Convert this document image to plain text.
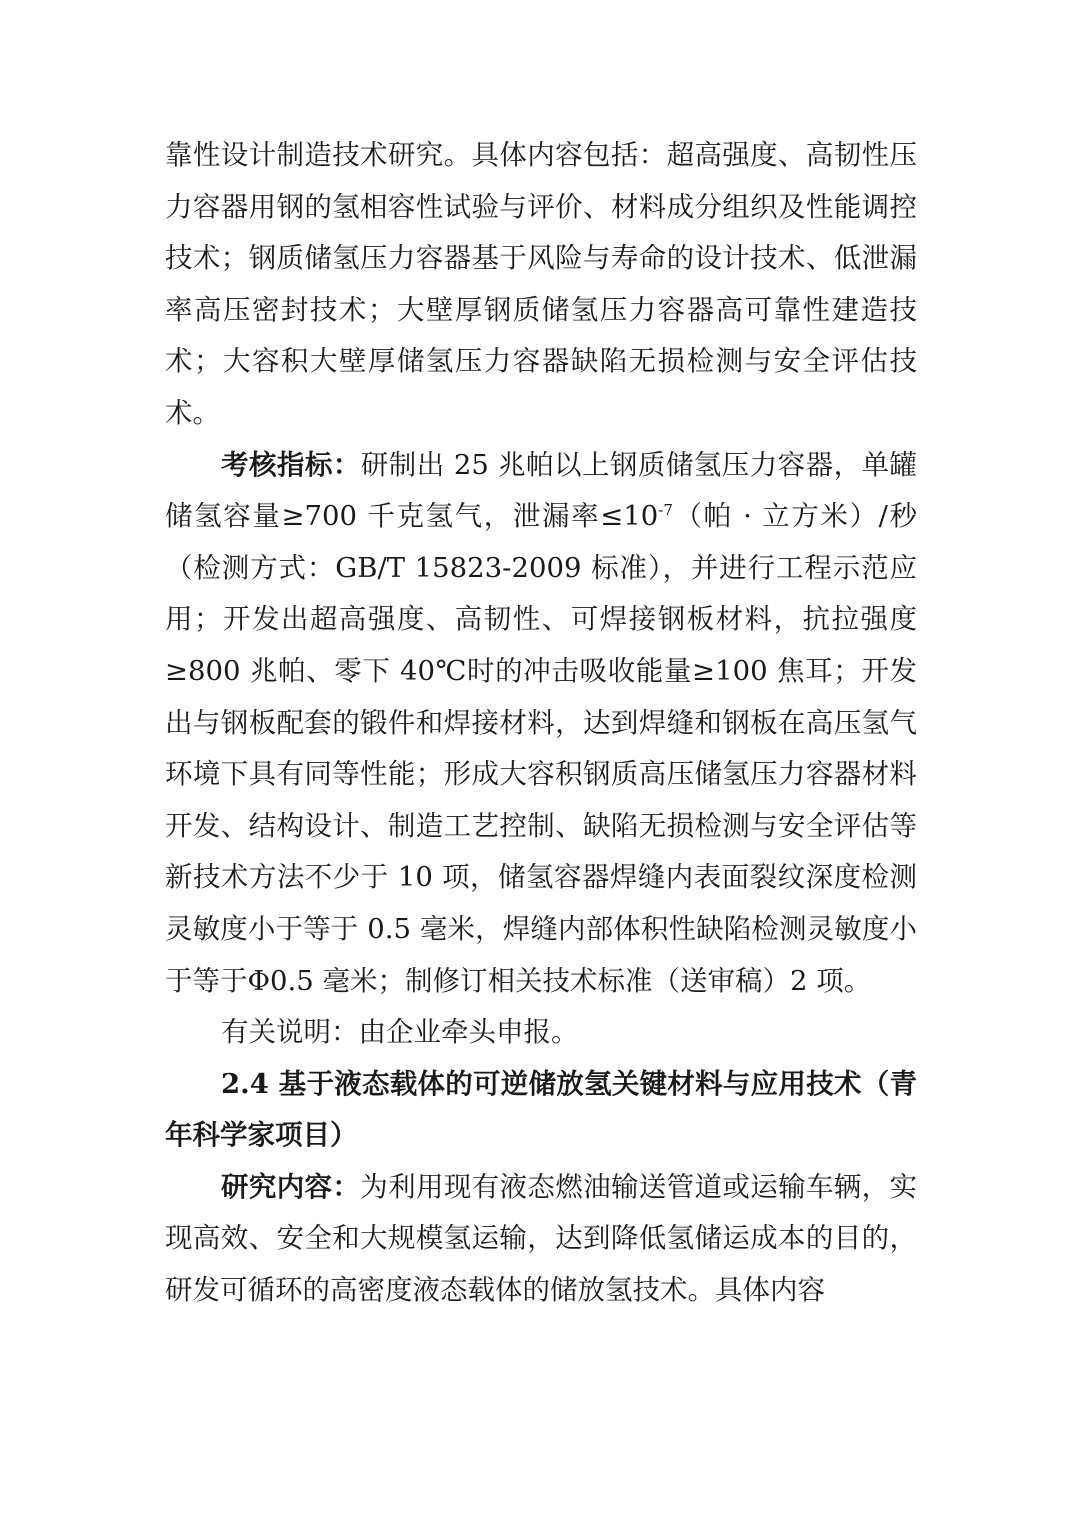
靠性设计制造技术研究。具体内容包括：超高强度、高韧性压力容器用钢的氢相容性试验与评价、材料成分组织及性能调控技术；钢质储氢压力容器基于风险与寿命的设计技术、低泄漏率高压密封技术；大壁厚钢质储氢压力容器高可靠性建造技术；大容积大壁厚储氢压力容器缺陷无损检测与安全评估技术。

考核指标：研制出 25 兆帕以上钢质储氢压力容器，单罐储氢容量≥700 千克氢气，泄漏率$\le 10^{-7}$（帕 · 立方米）/秒（检测方式：GB/T 15823-2009 标准），并进行工程示范应用；开发出超高强度、高韧性、可焊接钢板材料，抗拉强度≥800 兆帕、零下 40℃时的冲击吸收能量≥100 焦耳；开发出与钢板配套的锻件和焊接材料，达到焊缝和钢板在高压氢气环境下具有同等性能；形成大容积钢质高压储氢压力容器材料开发、结构设计、制造工艺控制、缺陷无损检测与安全评估等新技术方法不少于 10 项，储氢容器焊缝内表面裂纹深度检测灵敏度小于等于 0.5 毫米，焊缝内部体积性缺陷检测灵敏度小于等于Φ0.5 毫米；制修订相关技术标准（送审稿）2 项。

有关说明：由企业牵头申报。

2.4 基于液态载体的可逆储放氢关键材料与应用技术（青年科学家项目）

研究内容：为利用现有液态燃油输送管道或运输车辆，实现高效、安全和大规模氢运输，达到降低氢储运成本的目的，研发可循环的高密度液态载体的储放氢技术。具体内容
